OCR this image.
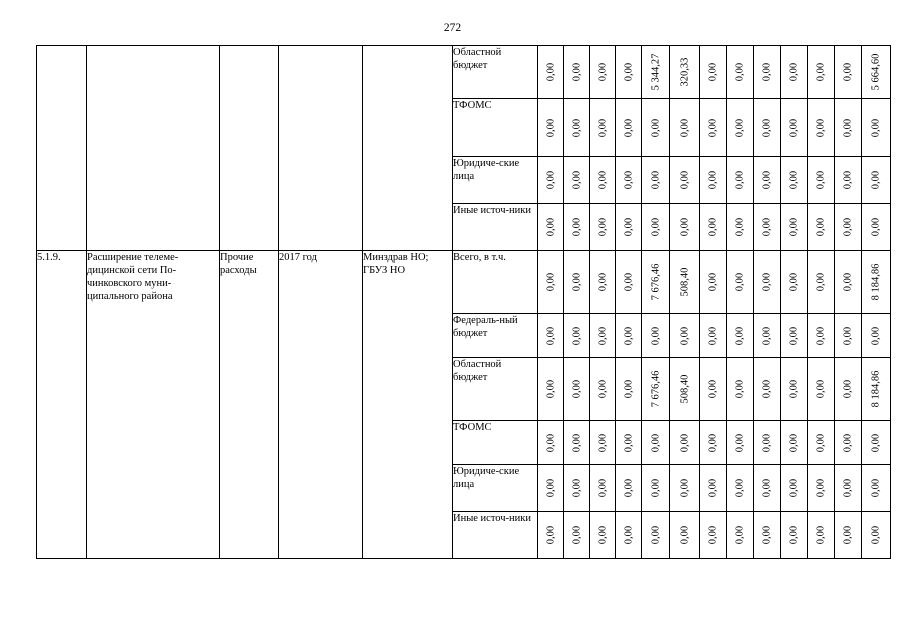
272
					Областной бюджет	0,00	0,00	0,00	0,00	5 344,27	320,33	0,00	0,00	0,00	0,00	0,00	0,00	5 664,60

					ТФОМС	0,00	0,00	0,00	0,00	0,00	0,00	0,00	0,00	0,00	0,00	0,00	0,00	0,00

					Юридиче-ские лица	0,00	0,00	0,00	0,00	0,00	0,00	0,00	0,00	0,00	0,00	0,00	0,00	0,00

					Иные источ-ники	0,00	0,00	0,00	0,00	0,00	0,00	0,00	0,00	0,00	0,00	0,00	0,00	0,00

5.1.9.	Расширение телеме-дицинской сети По-чинковского муни-ципального района	Прочие расходы	2017 год	Минздрав НО; ГБУЗ НО	Всего, в т.ч.	0,00	0,00	0,00	0,00	7 676,46	508,40	0,00	0,00	0,00	0,00	0,00	0,00	8 184,86

					Федераль-ный бюджет	0,00	0,00	0,00	0,00	0,00	0,00	0,00	0,00	0,00	0,00	0,00	0,00	0,00

					Областной бюджет	0,00	0,00	0,00	0,00	7 676,46	508,40	0,00	0,00	0,00	0,00	0,00	0,00	8 184,86

					ТФОМС	0,00	0,00	0,00	0,00	0,00	0,00	0,00	0,00	0,00	0,00	0,00	0,00	0,00

					Юридиче-ские лица	0,00	0,00	0,00	0,00	0,00	0,00	0,00	0,00	0,00	0,00	0,00	0,00	0,00

					Иные источ-ники	0,00	0,00	0,00	0,00	0,00	0,00	0,00	0,00	0,00	0,00	0,00	0,00	0,00
